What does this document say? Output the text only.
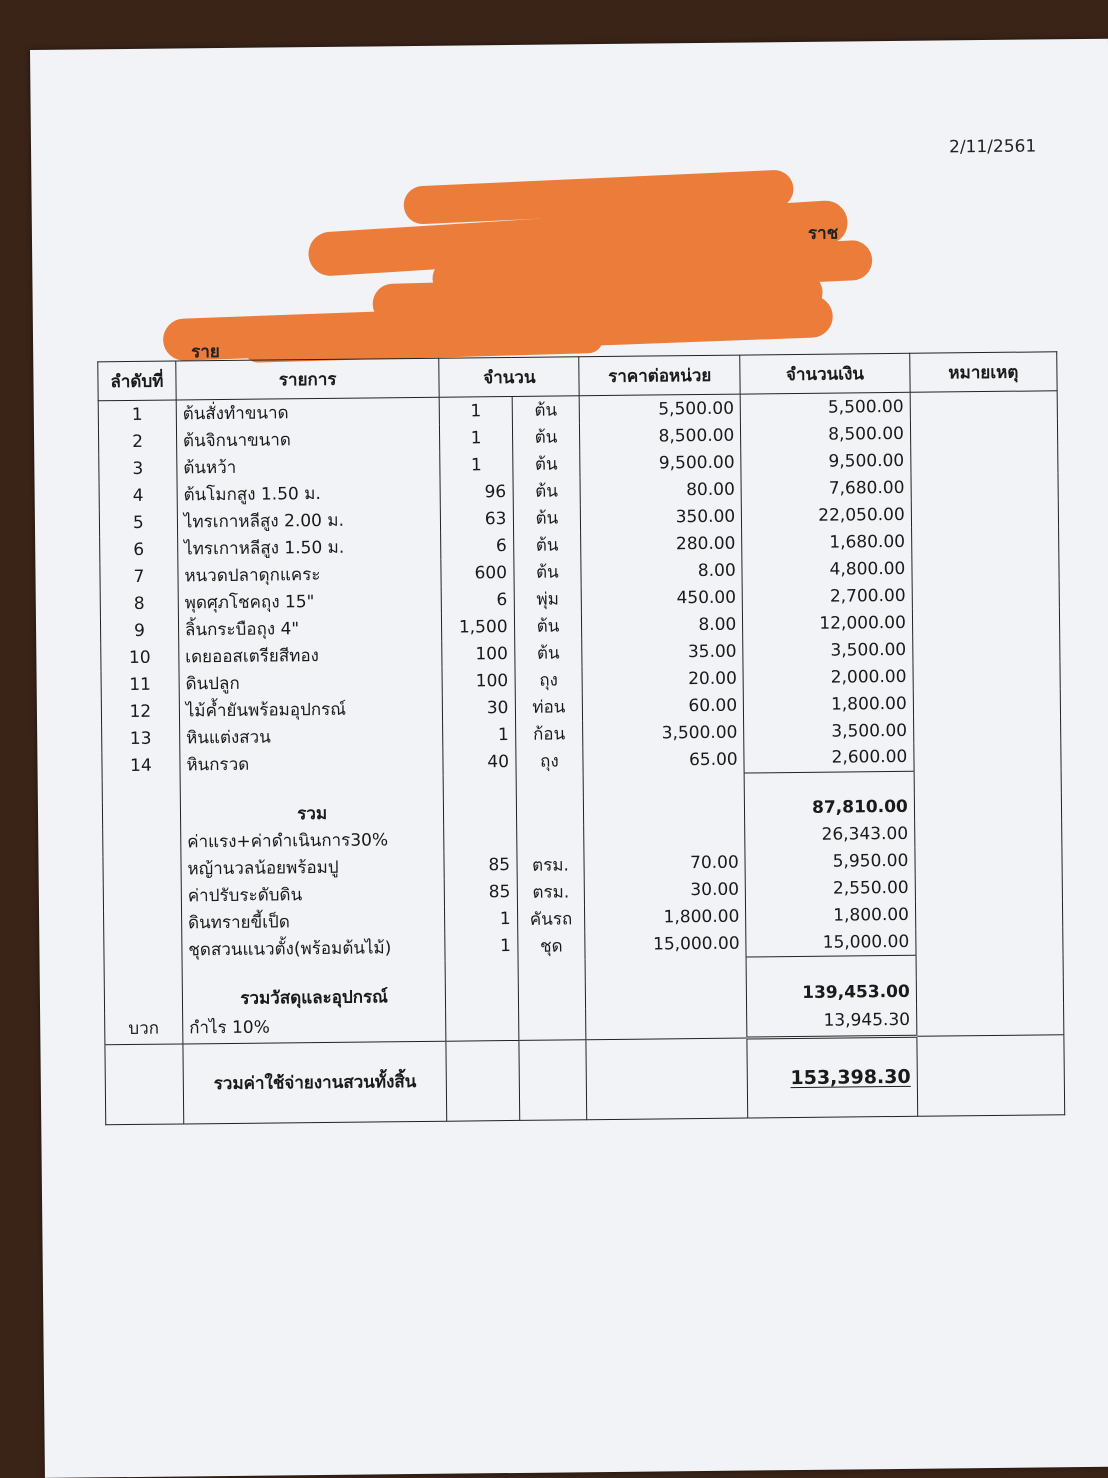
2/11/2561
ราช
ราย
ลำดับที่	รายการ	จำนวน		ราคาต่อหน่วย	จำนวนเงิน	หมายเหตุ
1	ต้นสั่งทำขนาด	1	ต้น	5,500.00	5,500.00	
2	ต้นจิกนาขนาด	1	ต้น	8,500.00	8,500.00	
3	ต้นหว้า	1	ต้น	9,500.00	9,500.00	
4	ต้นโมกสูง 1.50 ม.	96	ต้น	80.00	7,680.00	
5	ไทรเกาหลีสูง 2.00 ม.	63	ต้น	350.00	22,050.00	
6	ไทรเกาหลีสูง 1.50 ม.	6	ต้น	280.00	1,680.00	
7	หนวดปลาดุกแคระ	600	ต้น	8.00	4,800.00	
8	พุดศุภโชคถุง 15"	6	พุ่ม	450.00	2,700.00	
9	ลิ้นกระบือถุง 4"	1,500	ต้น	8.00	12,000.00	
10	เดยออสเตรียสีทอง	100	ต้น	35.00	3,500.00	
11	ดินปลูก	100	ถุง	20.00	2,000.00	
12	ไม้ค้ำยันพร้อมอุปกรณ์	30	ท่อน	60.00	1,800.00	
13	หินแต่งสวน	1	ก้อน	3,500.00	3,500.00	
14	หินกรวด	40	ถุง	65.00	2,600.00	

	รวม				87,810.00	
	ค่าแรง+ค่าดำเนินการ30%				26,343.00	
	หญ้านวลน้อยพร้อมปู	85	ตรม.	70.00	5,950.00	
	ค่าปรับระดับดิน	85	ตรม.	30.00	2,550.00	
	ดินทรายขี้เป็ด	1	คันรถ	1,800.00	1,800.00	
	ชุดสวนแนวตั้ง(พร้อมต้นไม้)	1	ชุด	15,000.00	15,000.00	

	รวมวัสดุและอุปกรณ์				139,453.00	
บวก	กำไร 10%				13,945.30	
	รวมค่าใช้จ่ายงานสวนทั้งสิ้น				153,398.30	
